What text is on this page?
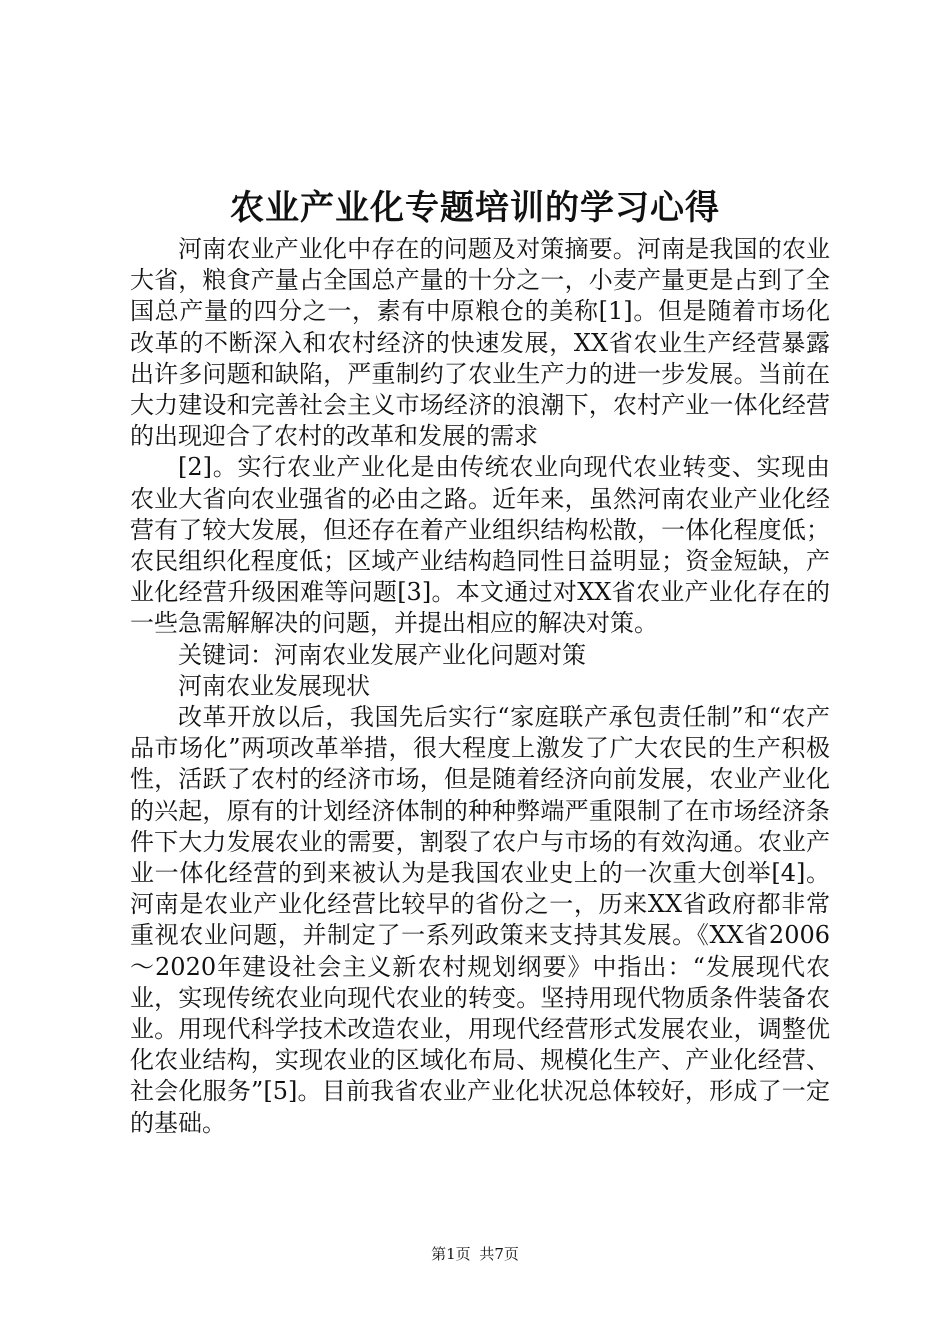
农业产业化专题培训的学习心得

河南农业产业化中存在的问题及对策摘要。河南是我国的农业大省，粮食产量占全国总产量的十分之一，小麦产量更是占到了全国总产量的四分之一，素有中原粮仓的美称[1]。但是随着市场化改革的不断深入和农村经济的快速发展，XX省农业生产经营暴露出许多问题和缺陷，严重制约了农业生产力的进一步发展。当前在大力建设和完善社会主义市场经济的浪潮下，农村产业一体化经营的出现迎合了农村的改革和发展的需求

[2]。实行农业产业化是由传统农业向现代农业转变、实现由农业大省向农业强省的必由之路。近年来，虽然河南农业产业化经营有了较大发展，但还存在着产业组织结构松散，一体化程度低；农民组织化程度低；区域产业结构趋同性日益明显；资金短缺，产业化经营升级困难等问题[3]。本文通过对XX省农业产业化存在的一些急需解解决的问题，并提出相应的解决对策。

关键词：河南农业发展产业化问题对策

河南农业发展现状

改革开放以后，我国先后实行“家庭联产承包责任制”和“农产品市场化”两项改革举措，很大程度上激发了广大农民的生产积极性，活跃了农村的经济市场，但是随着经济向前发展，农业产业化的兴起，原有的计划经济体制的种种弊端严重限制了在市场经济条件下大力发展农业的需要，割裂了农户与市场的有效沟通。农业产业一体化经营的到来被认为是我国农业史上的一次重大创举[4]。河南是农业产业化经营比较早的省份之一，历来XX省政府都非常重视农业问题，并制定了一系列政策来支持其发展。《XX省2006～2020年建设社会主义新农村规划纲要》中指出：“发展现代农业，实现传统农业向现代农业的转变。坚持用现代物质条件装备农业。用现代科学技术改造农业，用现代经营形式发展农业，调整优化农业结构，实现农业的区域化布局、规模化生产、产业化经营、社会化服务”[5]。目前我省农业产业化状况总体较好，形成了一定的基础。

第1页 共7页
